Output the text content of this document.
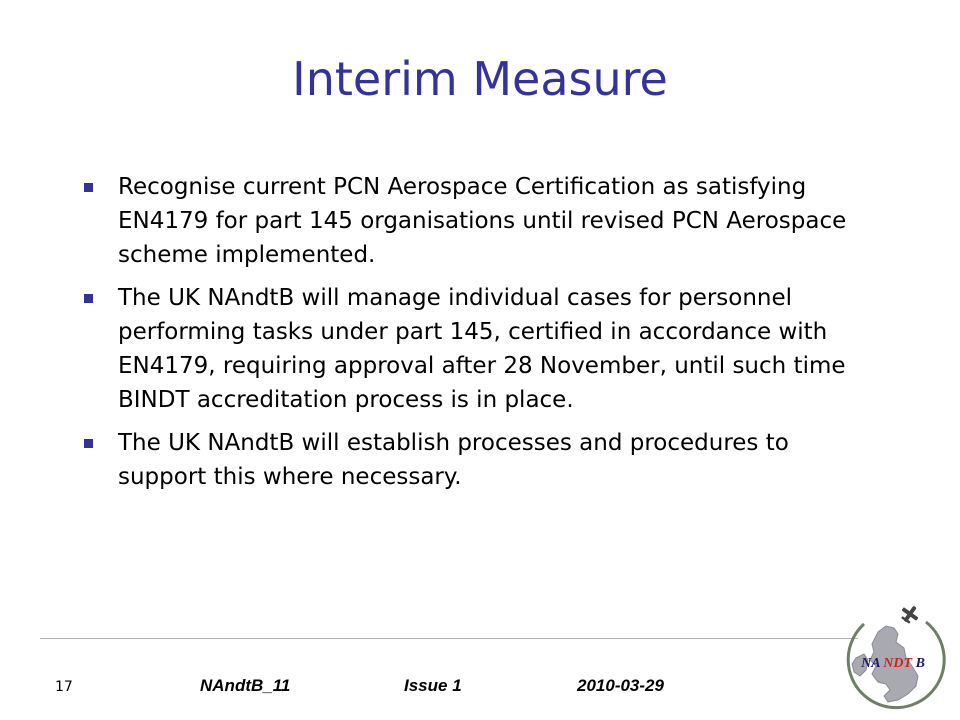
Interim Measure
Recognise current PCN Aerospace Certification as satisfying EN4179 for part 145 organisations until revised PCN Aerospace scheme implemented.
The UK NAndtB will manage individual cases for personnel performing tasks under part 145, certified in accordance with EN4179, requiring approval after 28 November, until such time BINDT accreditation process is in place.
The UK NAndtB will establish processes and procedures to support this where necessary.
17	NAndtB_11	Issue 1	2010-03-29
NA NDT B
